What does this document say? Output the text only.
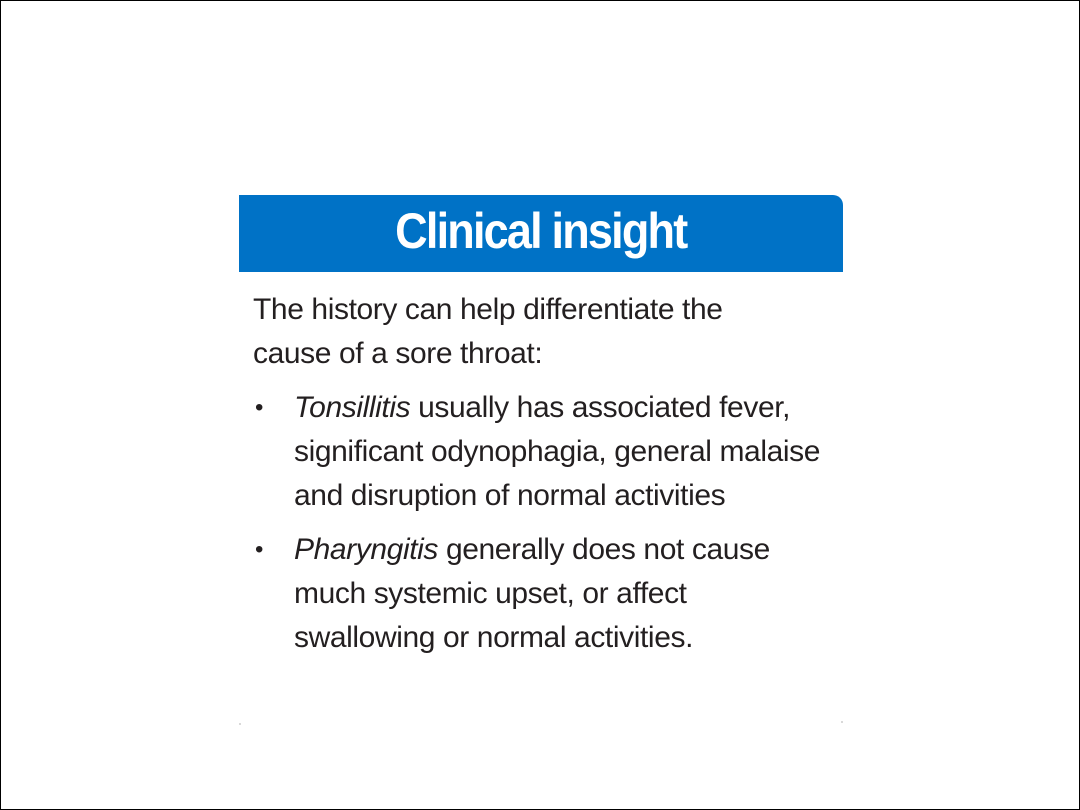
Clinical insight

The history can help differentiate the cause of a sore throat:

• Tonsillitis usually has associated fever, significant odynophagia, general malaise and disruption of normal activities
• Pharyngitis generally does not cause much systemic upset, or affect swallowing or normal activities.
